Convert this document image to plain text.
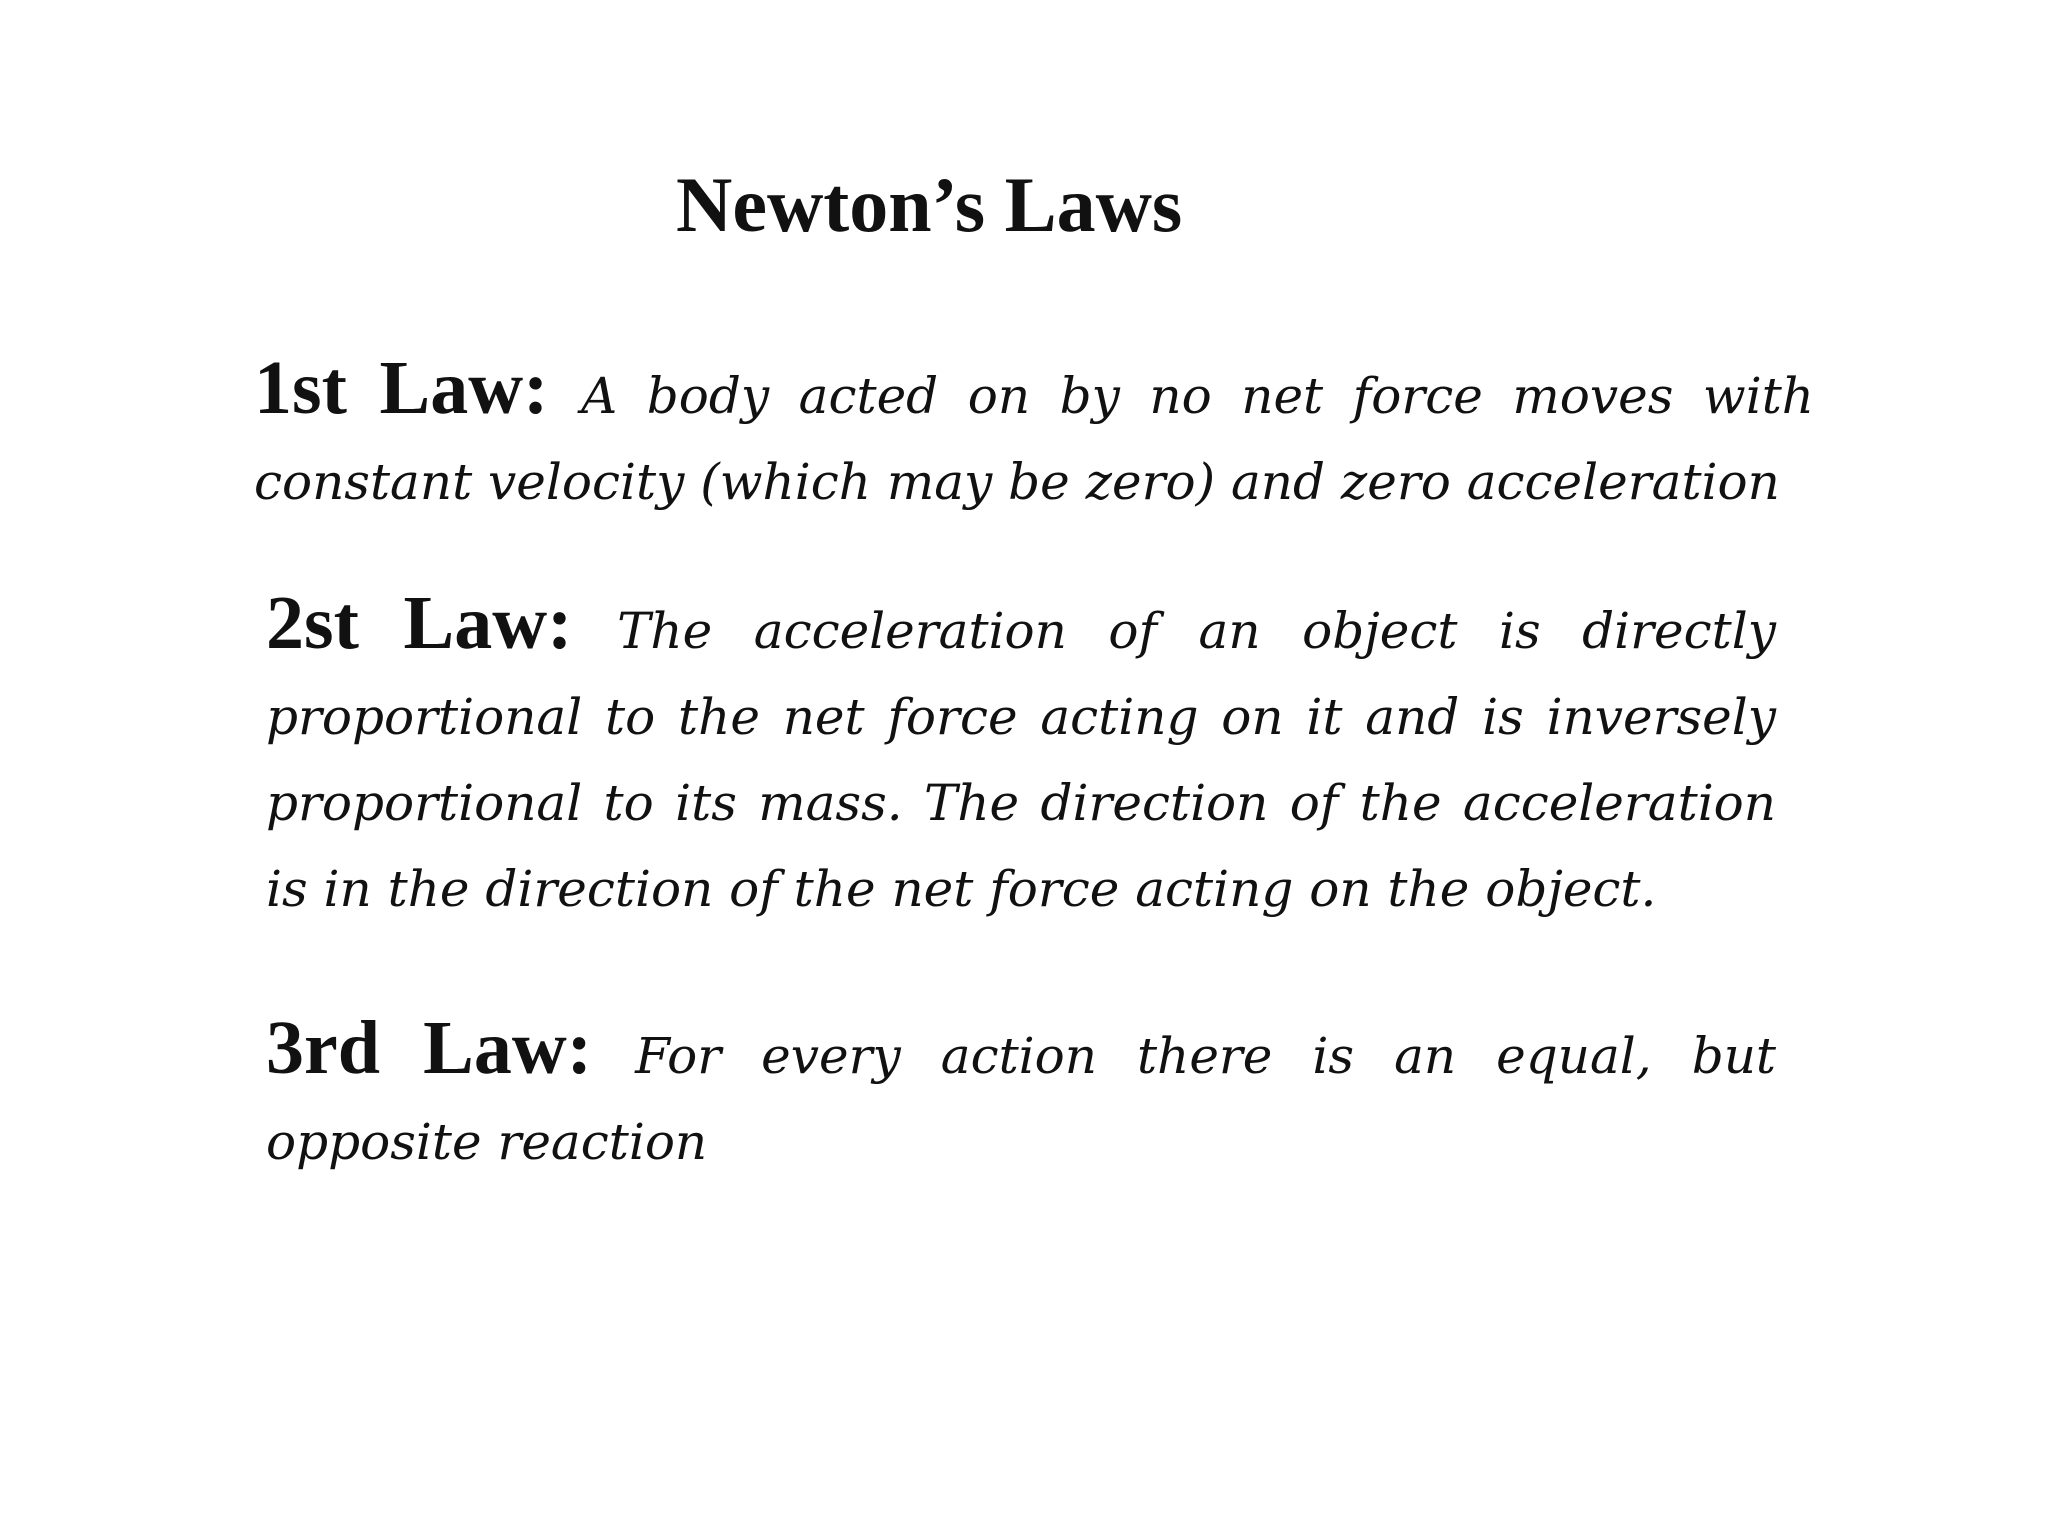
Newton’s Laws

1st Law: A body acted on by no net force moves with constant velocity (which may be zero) and zero acceleration

2st Law: The acceleration of an object is directly proportional to the net force acting on it and is inversely proportional to its mass. The direction of the acceleration is in the direction of the net force acting on the object.

3rd Law: For every action there is an equal, but opposite reaction
